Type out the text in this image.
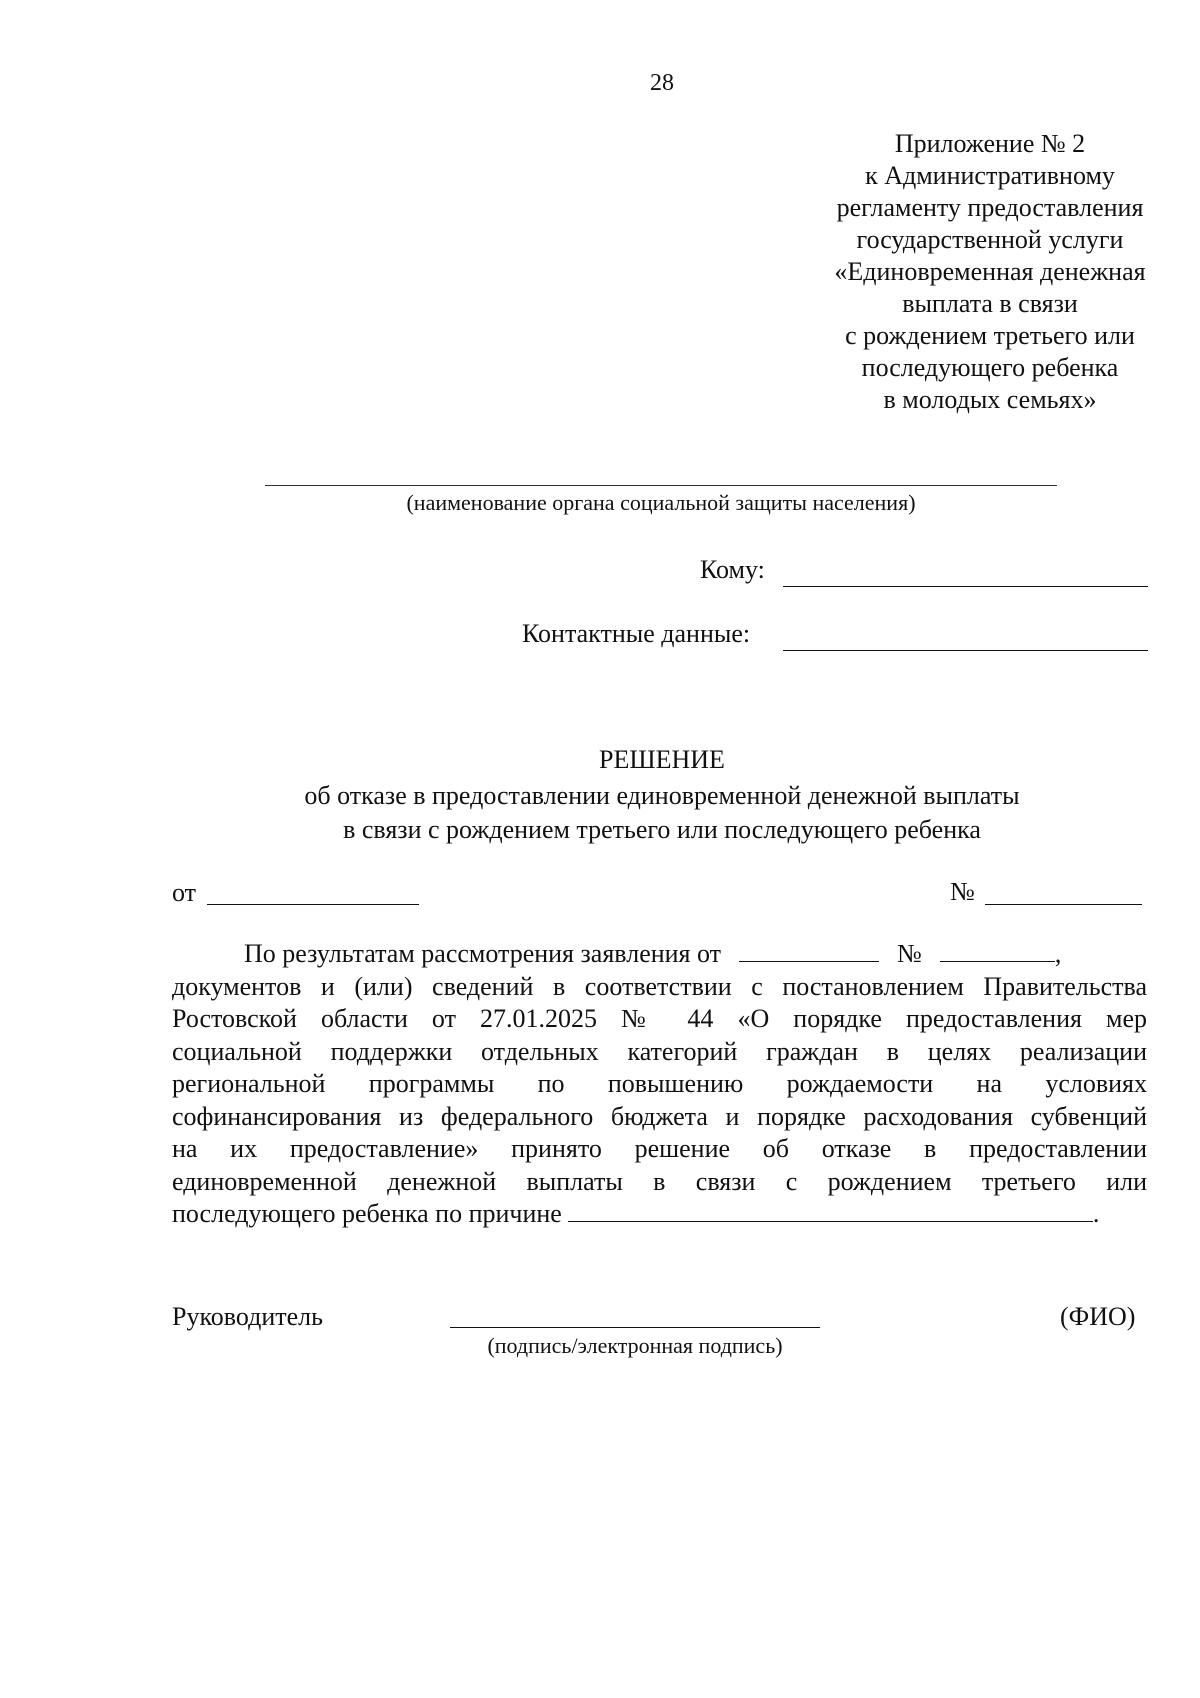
28
Приложение № 2
к Административному
регламенту предоставления
государственной услуги
«Единовременная денежная
выплата в связи
с рождением третьего или
последующего ребенка
в молодых семьях»
(наименование органа социальной защиты населения)
Кому:
Контактные данные:
РЕШЕНИЕ
об отказе в предоставлении единовременной денежной выплаты
в связи с рождением третьего или последующего ребенка
от	№
По результатам рассмотрения заявления от	№	,
документов и (или) сведений в соответствии с постановлением Правительства
Ростовской области от 27.01.2025 № 44 «О порядке предоставления мер
социальной поддержки отдельных категорий граждан в целях реализации
региональной программы по повышению рождаемости на условиях
софинансирования из федерального бюджета и порядке расходования субвенций
на их предоставление» принято решение об отказе в предоставлении
единовременной денежной выплаты в связи с рождением третьего или
последующего ребенка по причине	.
Руководитель
(подпись/электронная подпись)
(ФИО)
